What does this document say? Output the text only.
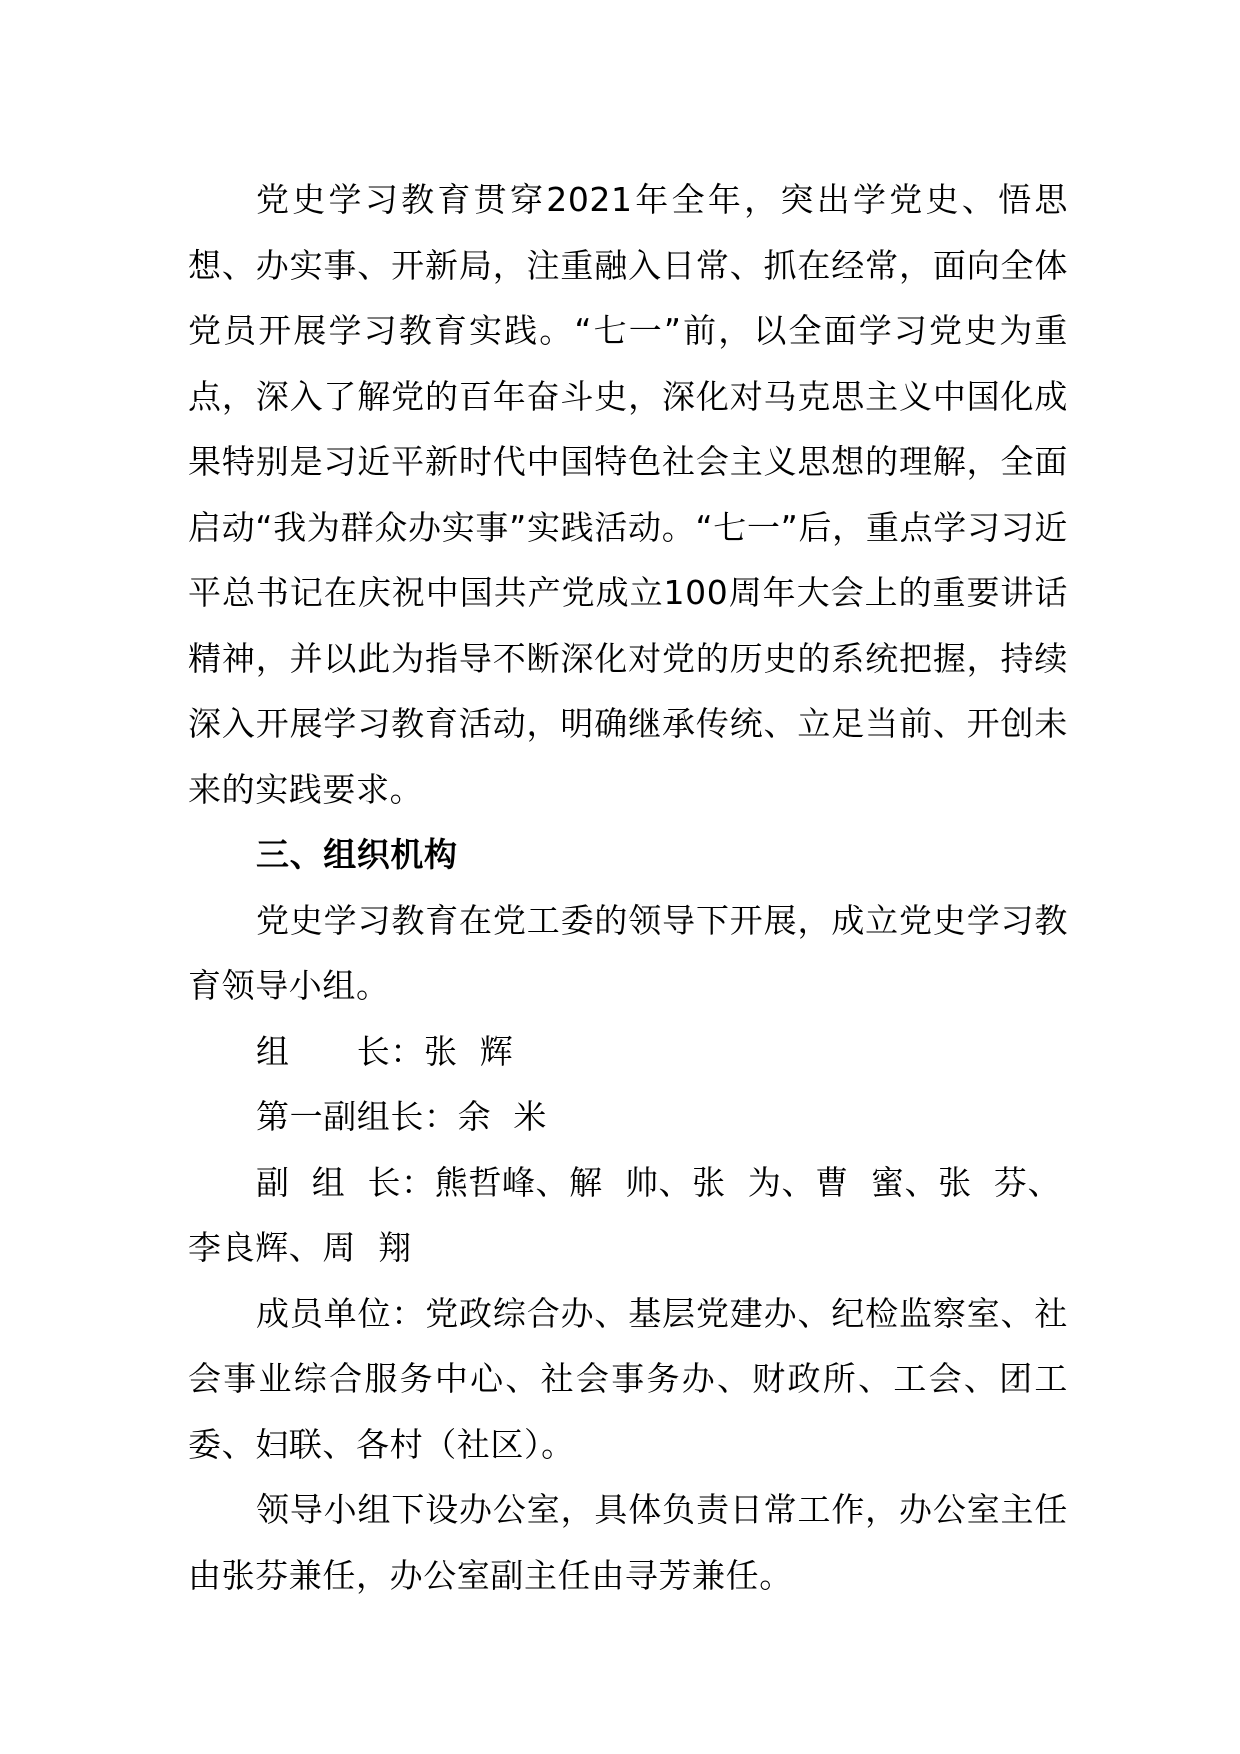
党史学习教育贯穿2021年全年，突出学党史、悟思想、办实事、开新局，注重融入日常、抓在经常，面向全体党员开展学习教育实践。“七一”前，以全面学习党史为重点，深入了解党的百年奋斗史，深化对马克思主义中国化成果特别是习近平新时代中国特色社会主义思想的理解，全面启动“我为群众办实事”实践活动。“七一”后，重点学习习近平总书记在庆祝中国共产党成立100周年大会上的重要讲话精神，并以此为指导不断深化对党的历史的系统把握，持续深入开展学习教育活动，明确继承传统、立足当前、开创未来的实践要求。

三、组织机构

党史学习教育在党工委的领导下开展，成立党史学习教育领导小组。

组　　长：张  辉

第一副组长：余  米

副  组  长：熊哲峰、解  帅、张  为、曹  蜜、张  芬、李良辉、周  翔

成员单位：党政综合办、基层党建办、纪检监察室、社会事业综合服务中心、社会事务办、财政所、工会、团工委、妇联、各村（社区）。

领导小组下设办公室，具体负责日常工作，办公室主任由张芬兼任，办公室副主任由寻芳兼任。
